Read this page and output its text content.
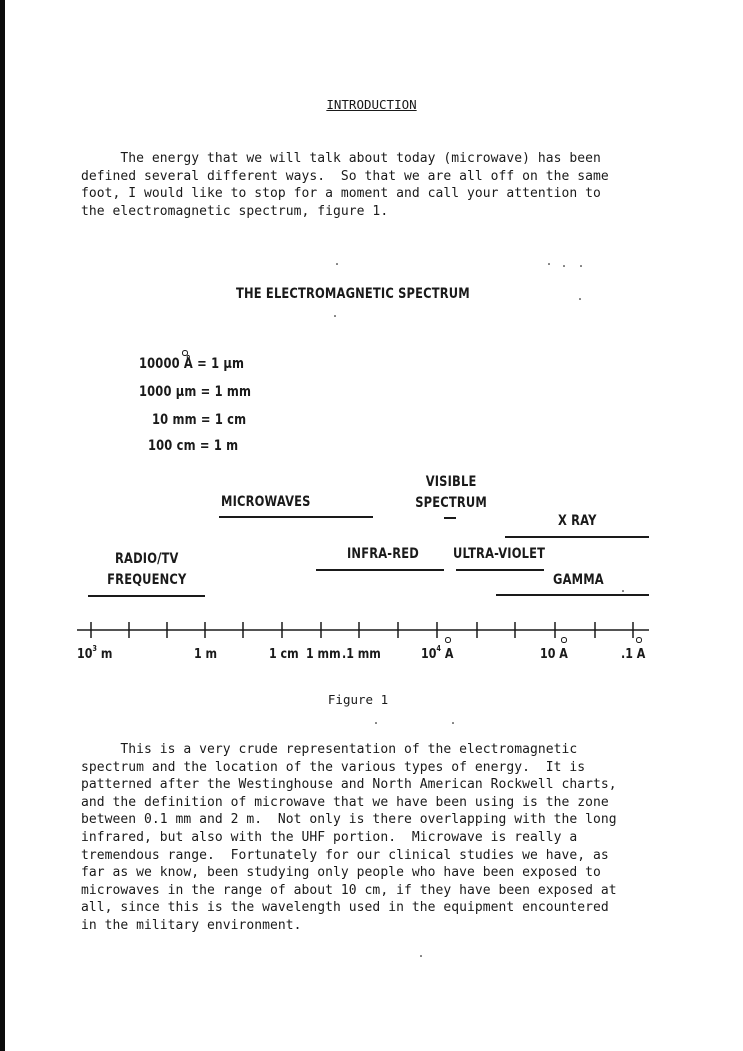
INTRODUCTION
The energy that we will talk about today (microwave) has been
defined several different ways.  So that we are all off on the same
foot, I would like to stop for a moment and call your attention to
the electromagnetic spectrum, figure 1.
THE ELECTROMAGNETIC SPECTRUM
10000 Å = 1 µm
1000 µm = 1 mm
10 mm = 1 cm
100 cm = 1 m
MICROWAVES
VISIBLE
SPECTRUM
X RAY
RADIO/TV
FREQUENCY
INFRA-RED ULTRA-VIOLET
GAMMA
$10^3$ m	1 m	1 cm 1 mm .1 mm	$10^4$ A	10 A	.1 A
Figure 1
This is a very crude representation of the electromagnetic
spectrum and the location of the various types of energy.  It is
patterned after the Westinghouse and North American Rockwell charts,
and the definition of microwave that we have been using is the zone
between 0.1 mm and 2 m.  Not only is there overlapping with the long
infrared, but also with the UHF portion.  Microwave is really a
tremendous range.  Fortunately for our clinical studies we have, as
far as we know, been studying only people who have been exposed to
microwaves in the range of about 10 cm, if they have been exposed at
all, since this is the wavelength used in the equipment encountered
in the military environment.
